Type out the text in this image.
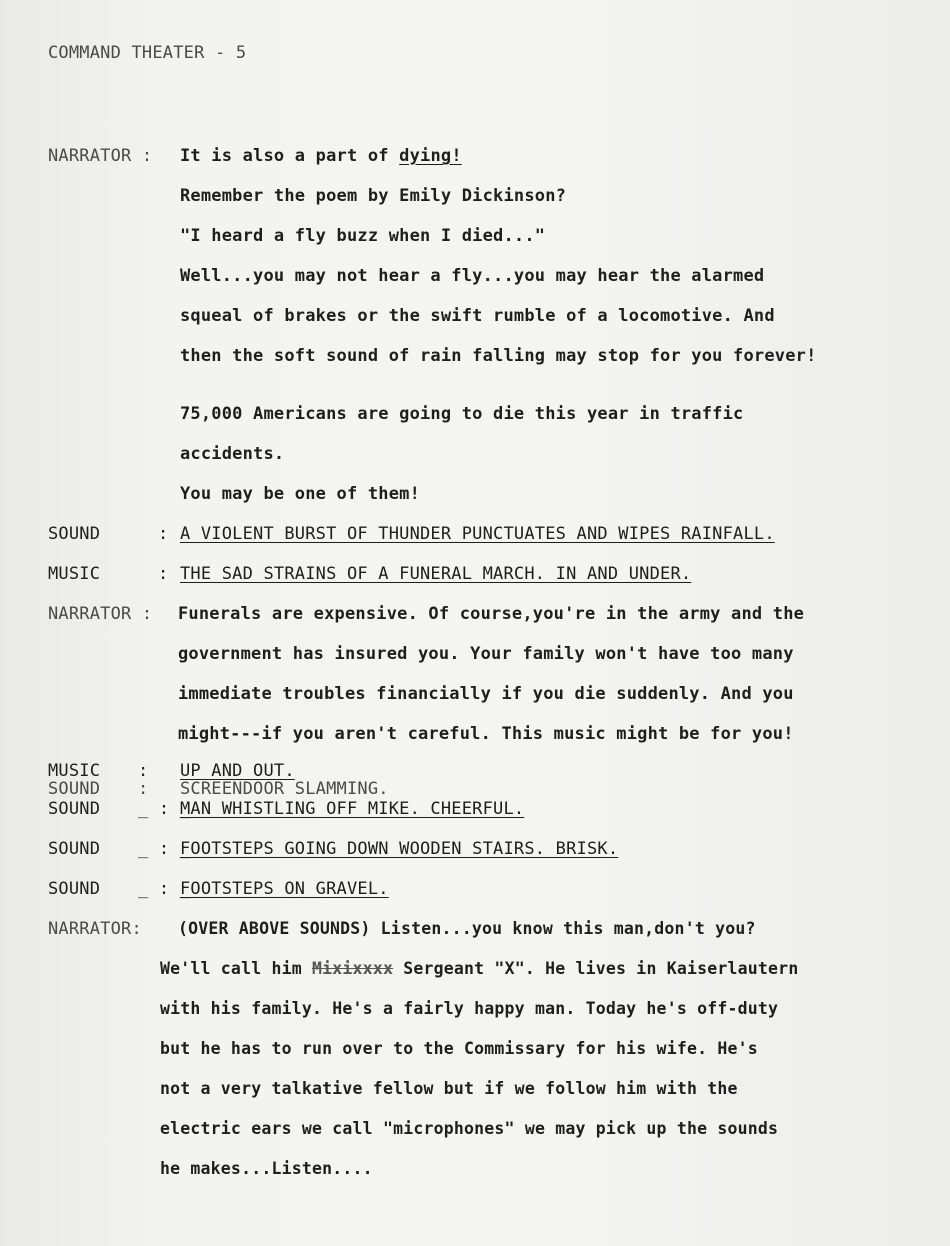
COMMAND THEATER - 5
NARRATOR : It is also a part of dying!
Remember the poem by Emily Dickinson?
"I heard a fly buzz when I died..."
Well...you may not hear a fly...you may hear the alarmed
squeal of brakes or the swift rumble of a locomotive. And
then the soft sound of rain falling may stop for you forever!
75,000 Americans are going to die this year in traffic
accidents.
You may be one of them!
SOUND	: A VIOLENT BURST OF THUNDER PUNCTUATES AND WIPES RAINFALL.
MUSIC	: THE SAD STRAINS OF A FUNERAL MARCH. IN AND UNDER.
NARRATOR : Funerals are expensive. Of course,you're in the army and the
government has insured you. Your family won't have too many
immediate troubles financially if you die suddenly. And you
might---if you aren't careful. This music might be for you!
MUSIC : UP AND OUT.
SOUND : SCREENDOOR SLAMMING.
SOUND _ : _MAN WHISTLING OFF MIKE. CHEERFUL.
SOUND _ : _FOOTSTEPS GOING DOWN WOODEN STAIRS. BRISK.
SOUND _ : _FOOTSTEPS ON GRAVEL.
NARRATOR: (OVER ABOVE SOUNDS) Listen...you know this man,don't you?
We'll call him Mixixxxx Sergeant "X". He lives in Kaiserlautern
with his family. He's a fairly happy man. Today he's off-duty
but he has to run over to the Commissary for his wife. He's
not a very talkative fellow but if we follow him with the
electric ears we call "microphones" we may pick up the sounds
he makes...Listen....
